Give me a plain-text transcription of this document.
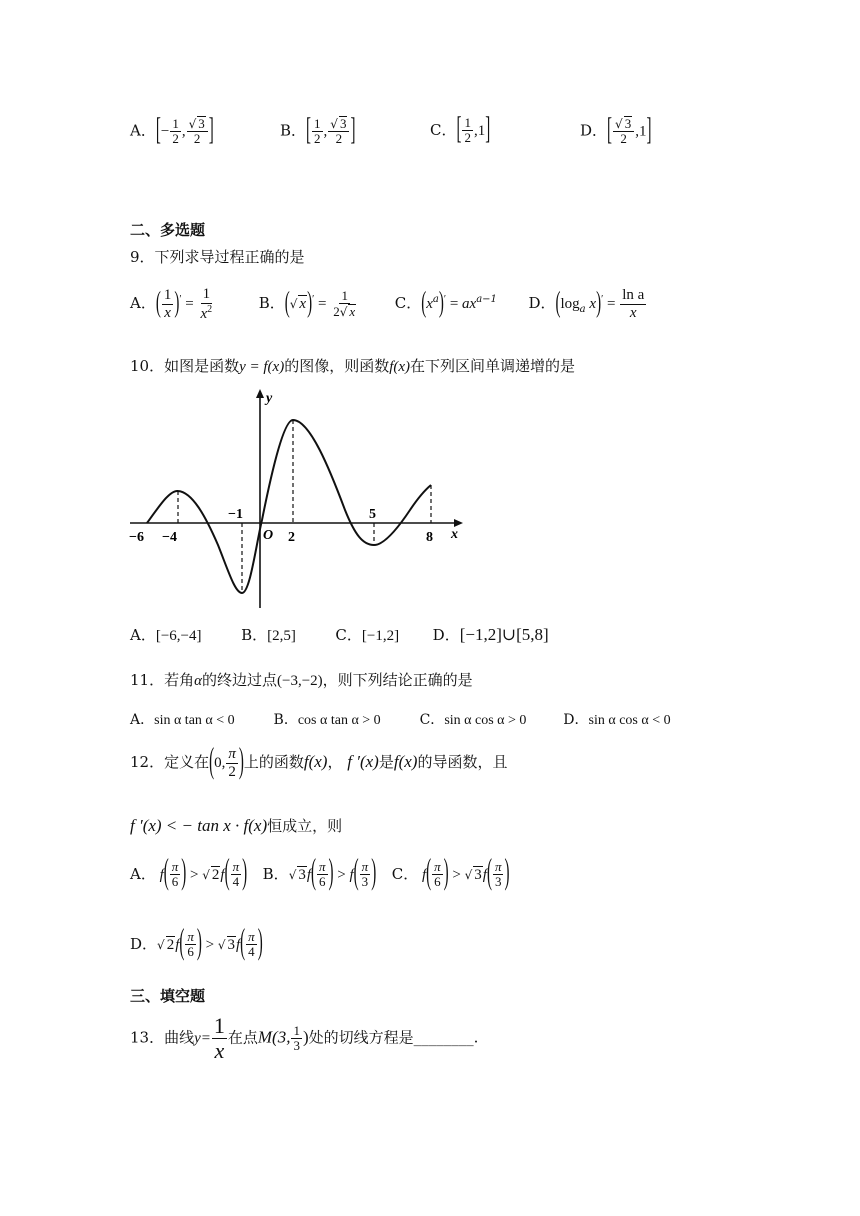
A．[− $\frac{1}{2}$ , $\frac{√ 3}{2}$ ]	B．[ $\frac{1}{2}$ , $\frac{√ 3}{2}$ ]	C．[ $\frac{1}{2} ,1$]	D．[ $\frac{√ 3}{2} ,1$]
二、多选题
9．下列求导过程正确的是
A．( $\frac{1}{x} )' = \frac{1}{x^2}$	B．(√ $x)' = \frac{1}{2√ x}$ C．$(x^a)' = ax^{a-1}$ D．($\log_a$ $x)' = \frac{\text{ln a}}{x}$
10．如图是函数y = f(x)的图像，则函数f(x)在下列区间单调递增的是
y
x
O
−6 −4
−1
2
5
8
A．[−6,−4]	B．[2,5]	C．[−1,2] D．[−1,2]∪[5,8]
11．若角α的终边过点(−3,−2)，则下列结论正确的是
A．sin α tan α < 0	B．cos α tan α > 0	C．sin α cos α > 0	D．sin α cos α < 0
12．定义在(0, $\frac{\pi}{2}$ )上的函数f(x)， f ′(x)是f(x)的导函数，且
f ′(x) < − tan x · f(x)恒成立，则
A． $f( \frac{\pi}{6}$ ) > √ $2f( \frac{\pi}{4}$ ) B．√ $3f( \frac{\pi}{6}$ ) > $f( \frac{\pi}{3}$ ) C． $f( \frac{\pi}{6}$ ) > √ $3f( \frac{\pi}{3}$ )
D．√ $2f( \frac{\pi}{6}$ ) > √ $3f( \frac{\pi}{4}$ )
三、填空题
13．曲线$y= \frac{1}{x}$ 在点M(3, $\frac{1}{3}$ )处的切线方程是________.
